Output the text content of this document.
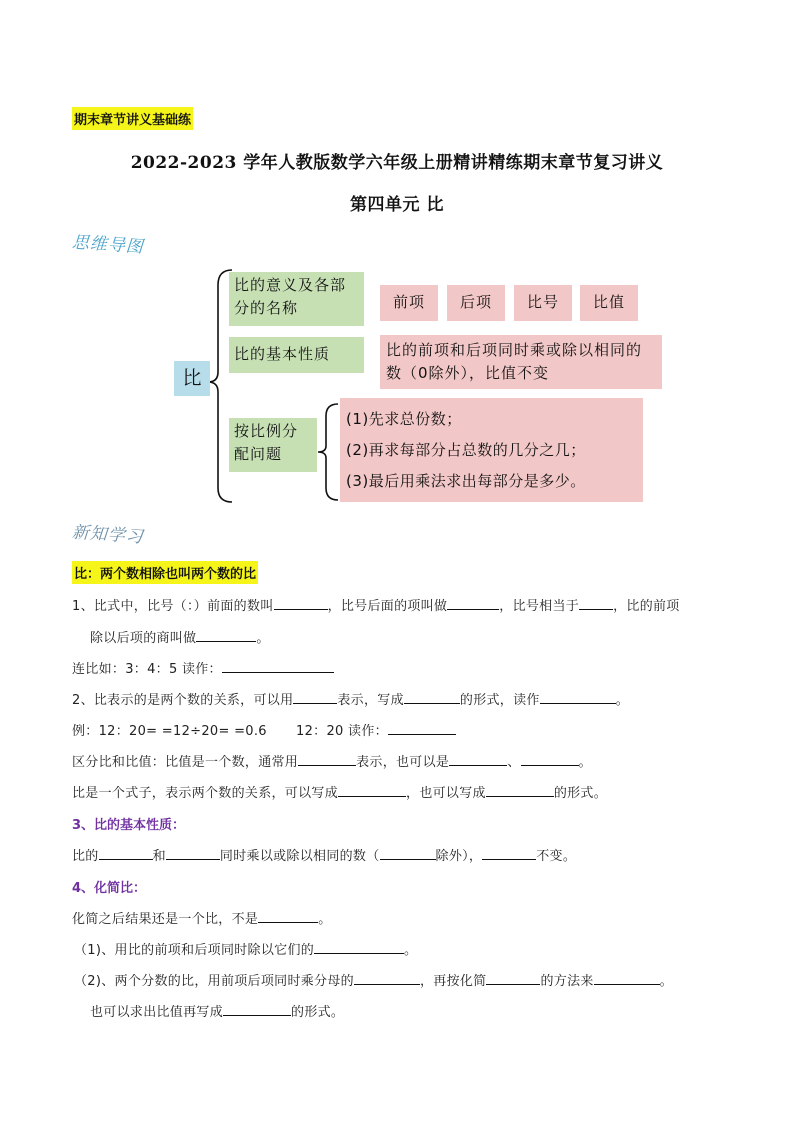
期末章节讲义基础练
2022-2023 学年人教版数学六年级上册精讲精练期末章节复习讲义
第四单元 比
思维导图
比
比的意义及各部分的名称	前项	后项	比号	比值
比的基本性质	比的前项和后项同时乘或除以相同的数（0除外），比值不变
按比例分配问题
(1)先求总份数；
(2)再求每部分占总数的几分之几；
(3)最后用乘法求出每部分是多少。
新知学习
比：两个数相除也叫两个数的比
1、比式中，比号（：）前面的数叫	，比号后面的项叫做	，比号相当于	，比的前项
除以后项的商叫做	。
连比如：3：4：5 读作：
2、比表示的是两个数的关系，可以用	表示，写成	的形式，读作	。
例：12：20= =12÷20= =0.6 12：20 读作：
区分比和比值：比值是一个数，通常用	表示，也可以是	、	。
比是一个式子，表示两个数的关系，可以写成	，也可以写成	的形式。
3、比的基本性质：
比的	和	同时乘以或除以相同的数（	除外），	不变。
4、化简比：
化简之后结果还是一个比，不是	。
（1)、用比的前项和后项同时除以它们的	。
（2)、两个分数的比，用前项后项同时乘分母的	，再按化简	的方法来	。
也可以求出比值再写成	的形式。
